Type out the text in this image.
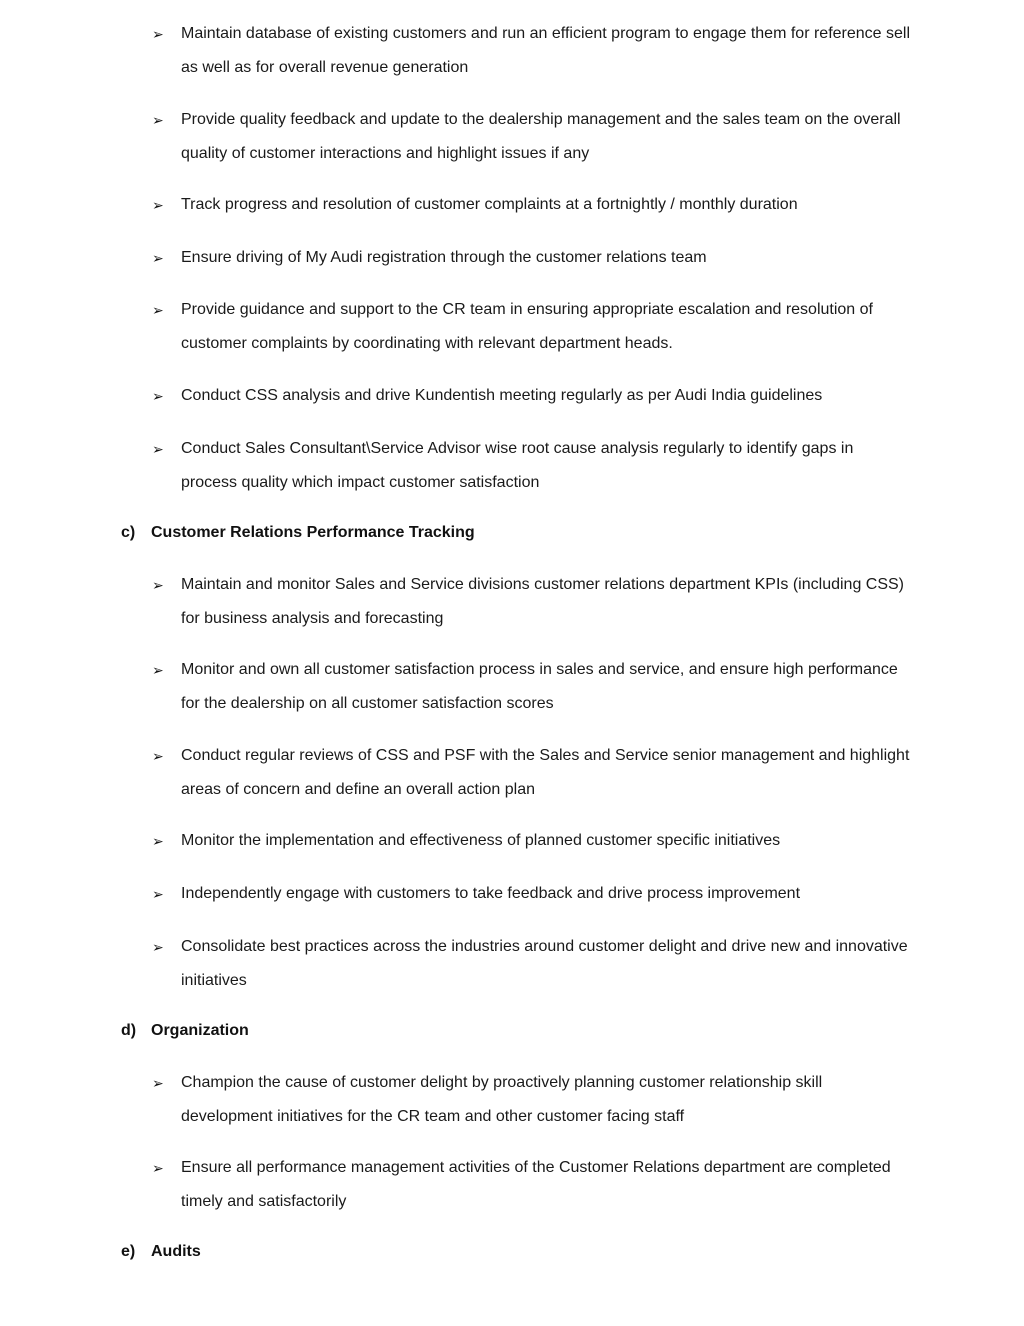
➢	Maintain database of existing customers and run an efficient program to engage them for reference sell as well as for overall revenue generation
➢	Provide quality feedback and update to the dealership management and the sales team on the overall quality of customer interactions and highlight issues if any
➢	Track progress and resolution of customer complaints at a fortnightly / monthly duration
➢	Ensure driving of My Audi registration through the customer relations team
➢	Provide guidance and support to the CR team in ensuring appropriate escalation and resolution of customer complaints by coordinating with relevant department heads.
➢	Conduct CSS analysis and drive Kundentish meeting regularly as per Audi India guidelines
➢	Conduct Sales Consultant\Service Advisor wise root cause analysis regularly to identify gaps in process quality which impact customer satisfaction
c) Customer Relations Performance Tracking
➢	Maintain and monitor Sales and Service divisions customer relations department KPIs (including CSS) for business analysis and forecasting
➢	Monitor and own all customer satisfaction process in sales and service, and ensure high performance for the dealership on all customer satisfaction scores
➢	Conduct regular reviews of CSS and PSF with the Sales and Service senior management and highlight areas of concern and define an overall action plan
➢	Monitor the implementation and effectiveness of planned customer specific initiatives
➢	Independently engage with customers to take feedback and drive process improvement
➢	Consolidate best practices across the industries around customer delight and drive new and innovative initiatives
d) Organization
➢	Champion the cause of customer delight by proactively planning customer relationship skill development initiatives for the CR team and other customer facing staff
➢	Ensure all performance management activities of the Customer Relations department are completed timely and satisfactorily
e) Audits
